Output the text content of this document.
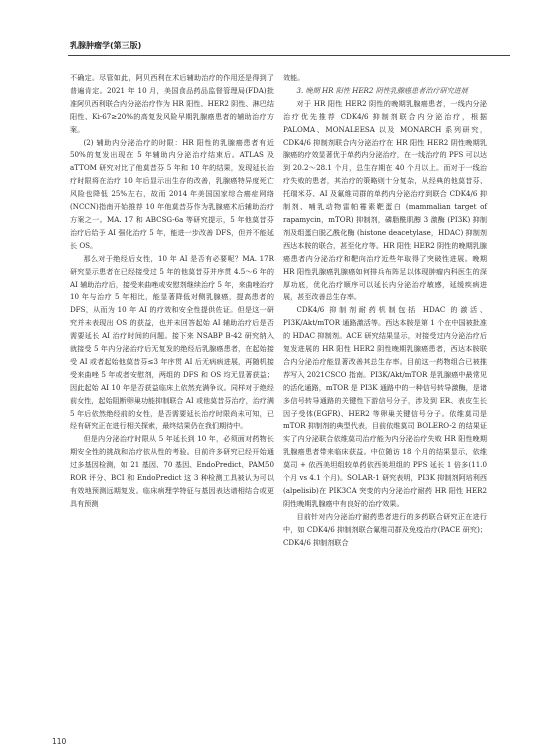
乳腺肿瘤学(第三版)

不确定。尽管如此，阿贝西利在术后辅助治疗的作用还是得到了普遍肯定。2021 年 10 月，美国食品药品监督管理局(FDA)批准阿贝西利联合内分泌治疗作为 HR 阳性、HER2 阴性、淋巴结阳性、Ki-67≥20%的高复发风险早期乳腺癌患者的辅助治疗方案。

(2) 辅助内分泌治疗的时限：HR 阳性的乳腺癌患者有近 50%的复发出现在 5 年辅助内分泌治疗结束后。ATLAS 及 aTTOM 研究对比了他莫昔芬 5 年和 10 年的结果，发现延长治疗时限将在治疗 10 年后显示出生存的改善，乳腺癌特异度死亡风险也降低 25%左右，故而 2014 年美国国家综合癌症网络(NCCN)指南开始推荐 10 年他莫昔芬作为乳腺癌术后辅助治疗方案之一。MA. 17 和 ABCSG-6a 等研究提示，5 年他莫昔芬治疗后给予 AI 强化治疗 5 年，能进一步改善 DFS，但并不能延长 OS。

那么对于绝经后女性，10 年 AI 是否有必要呢？MA. 17R 研究显示患者在已经接受过 5 年的他莫昔芬并序贯 4.5～6 年的 AI 辅助治疗后，接受来曲唑或安慰剂继续治疗 5 年，来曲唑治疗 10 年与治疗 5 年相比，能显著降低对侧乳腺癌，提高患者的 DFS，从而为 10 年 AI 的疗效和安全性提供佐证。但是这一研究并未表现出 OS 的获益，也并未回答起始 AI 辅助治疗后是否需要延长 AI 治疗时间的问题。接下来 NSABP B-42 研究纳入就接受 5 年内分泌治疗后无复发的绝经后乳腺癌患者，在起始接受 AI 或者起始他莫昔芬≤3 年序贯 AI 后无病病进展，再随机接受来曲唑 5 年或者安慰剂，两组的 DFS 和 OS 均无显著获益；因此起始 AI 10 年是否获益临床上依然充满争议。同样对于绝经前女性，起始阻断卵巢功能抑制联合 AI 或他莫昔芬治疗，治疗满 5 年后依然绝经前的女性，是否需要延长治疗时限尚未可知，已经有研究正在进行相关探索，最终结果仍在我们期待中。

但是内分泌治疗时限从 5 年延长到 10 年，必须面对药物长期安全性的挑战和治疗依从性的考验。目前许多研究已经开始通过多基因检测，如 21 基因、70 基因、EndoPredict、PAM50 ROR 评分、BCI 和 EndoPredict 这 3 种检测工具被认为可以有效地预测远期复发。临床病理学特征与基因表达谱相结合或更具有预测

效能。

3. 晚期 HR 阳性 HER2 阴性乳腺癌患者治疗研究进展

对于 HR 阳性 HER2 阴性的晚期乳腺癌患者，一线内分泌治疗优先推荐 CDK4/6 抑制剂联合内分泌治疗，根据 PALOMA、MONALEESA 以及 MONARCH 系列研究，CDK4/6 抑制剂联合内分泌治疗在 HR 阳性 HER2 阴性晚期乳腺癌的疗效显著优于单药内分泌治疗，在一线治疗的 PFS 可以达到 20.2～28.1 个月，总生存期在 40 个月以上。而对于一线治疗失败的患者，其治疗的策略则十分复杂，从经典的他莫昔芬、托瑞米芬、AI 及氟维司群的单药内分泌治疗到联合 CDK4/6 抑制剂、哺乳动物雷帕霉素靶蛋白 (mammalian target of rapamycin，mTOR) 抑制剂，磷脂酰肌醇 3 激酶 (PI3K) 抑制剂及组蛋白脱乙酰化酶 (histone deacetylase，HDAC) 抑制剂西达本胺的联合，甚至化疗等。HR 阳性 HER2 阴性的晚期乳腺癌患者内分泌治疗和靶向治疗近些年取得了突破性进展。晚期 HR 阳性乳腺癌乳腺癌如何排兵布阵足以体现肿瘤内科医生的深厚功底，优化治疗顺序可以延长内分泌治疗敏感，延缓疾病进展，甚至改善总生存率。

CDK4/6 抑制剂耐药机制包括 HDAC 的激活、PI3K/Akt/mTOR 通路激活等。西达本胺是第 1 个在中国被批准的 HDAC 抑制剂。ACE 研究结果显示，对接受过内分泌治疗后复发进展的 HR 阳性 HER2 阴性晚期乳腺癌患者，西达本胺联合内分泌治疗能显著改善其总生存率。目前这一药物组合已被推荐写入 2021CSCO 指南。PI3K/Akt/mTOR 是乳腺癌中最常见的活化通路，mTOR 是 PI3K 通路中的一种信号转导激酶，是诸多信号转导通路的关键性下游信号分子，涉及到 ER、表皮生长因子受体(EGFR)、HER2 等卵巢关键信号分子。依维莫司是 mTOR 抑制剂的典型代表，目前依维莫司 BOLERO-2 的结果证实了内分泌联合依维莫司治疗能为内分泌治疗失败 HR 阳性晚期乳腺癌患者带来临床获益。中位随访 18 个月的结果显示，依维莫司 + 依西美坦组较单药依西美坦组的 PFS 延长 1 倍多(11.0 个月 vs 4.1 个月)。SOLAR-1 研究表明，PI3K 抑制剂阿培利西(alpelisib)在 PIK3CA 突变的内分泌治疗耐药 HR 阳性 HER2 阴性晚期乳腺癌中有良好的治疗效果。

目前针对内分泌治疗耐药患者进行的多药联合研究正在进行中，如 CDK4/6 抑制剂联合氟维司群及免疫治疗(PACE 研究)；CDK4/6 抑制剂联合

110
